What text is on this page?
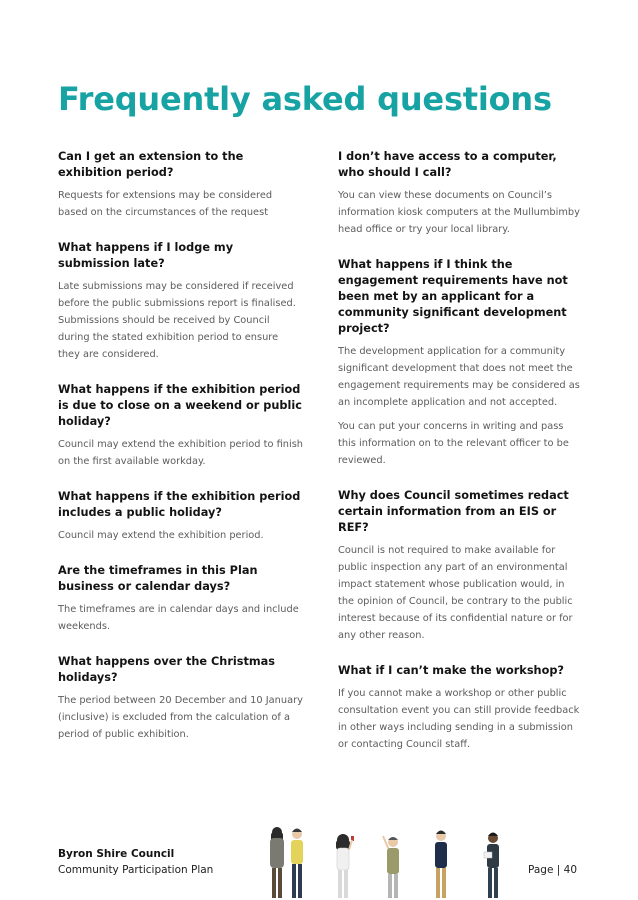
Frequently asked questions
Can I get an extension to the exhibition period?

Requests for extensions may be considered based on the circumstances of the request

What happens if I lodge my submission late?

Late submissions may be considered if received before the public submissions report is finalised. Submissions should be received by Council during the stated exhibition period to ensure they are considered.

What happens if the exhibition period is due to close on a weekend or public holiday?

Council may extend the exhibition period to finish on the first available workday.

What happens if the exhibition period includes a public holiday?

Council may extend the exhibition period.

Are the timeframes in this Plan business or calendar days?

The timeframes are in calendar days and include weekends.

What happens over the Christmas holidays?

The period between 20 December and 10 January (inclusive) is excluded from the calculation of a period of public exhibition.

I don’t have access to a computer, who should I call?

You can view these documents on Council’s information kiosk computers at the Mullumbimby head office or try your local library.

What happens if I think the engagement requirements have not been met by an applicant for a community significant development project?

The development application for a community significant development that does not meet the engagement requirements may be considered as an incomplete application and not accepted.

You can put your concerns in writing and pass this information on to the relevant officer to be reviewed.

Why does Council sometimes redact certain information from an EIS or REF?

Council is not required to make available for public inspection any part of an environmental impact statement whose publication would, in the opinion of Council, be contrary to the public interest because of its confidential nature or for any other reason.

What if I can’t make the workshop?

If you cannot make a workshop or other public consultation event you can still provide feedback in other ways including sending in a submission or contacting Council staff.

Byron Shire Council
Community Participation Plan	Page | 40
